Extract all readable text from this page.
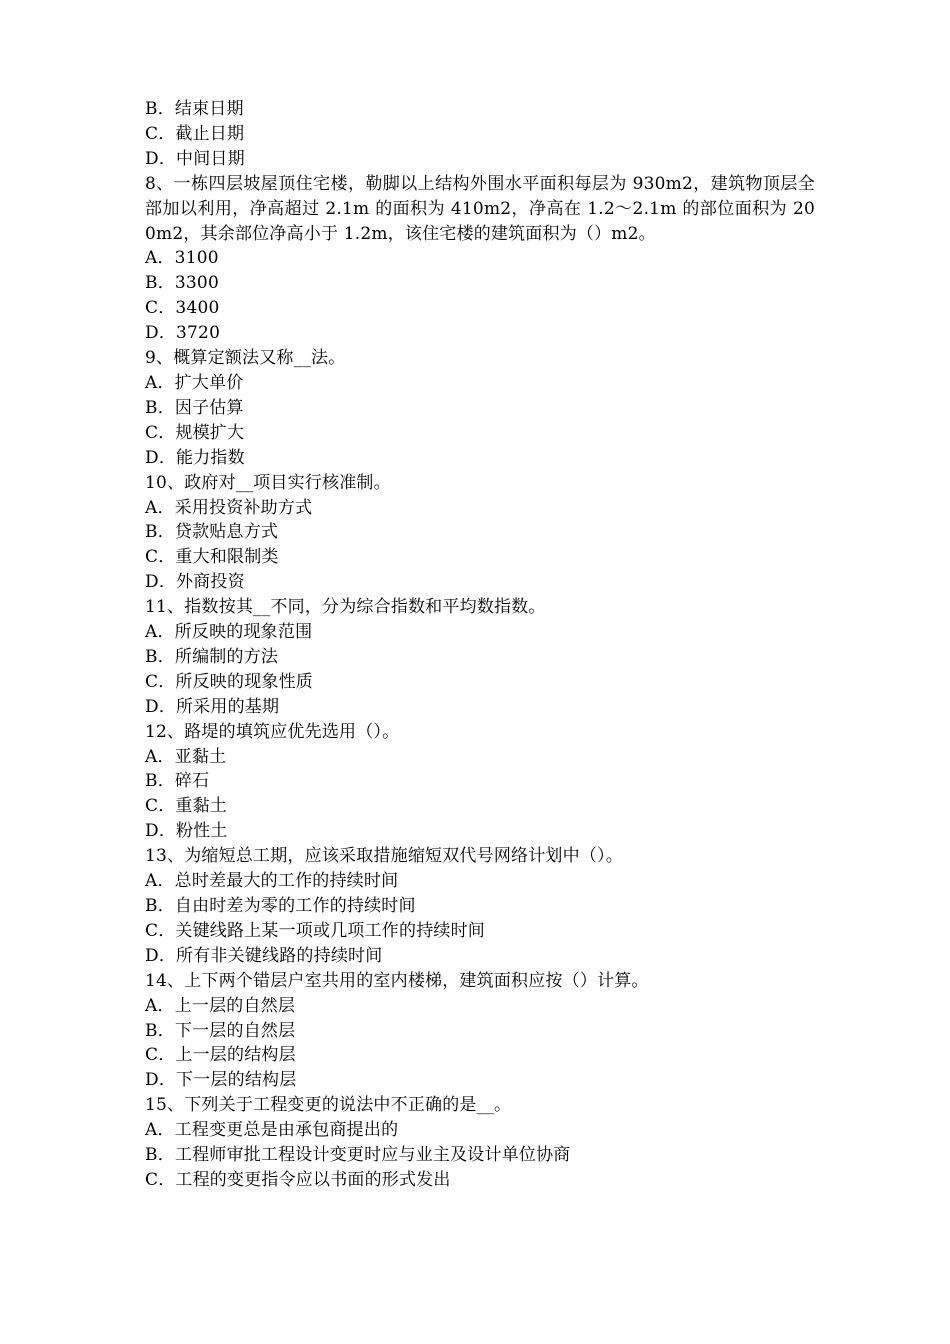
B．结束日期
C．截止日期
D．中间日期
8、一栋四层坡屋顶住宅楼，勒脚以上结构外围水平面积每层为 930m2，建筑物顶层全部加以利用，净高超过 2.1m 的面积为 410m2，净高在 1.2～2.1m 的部位面积为 200m2，其余部位净高小于 1.2m，该住宅楼的建筑面积为（）m2。
A．3100
B．3300
C．3400
D．3720
9、概算定额法又称__法。
A．扩大单价
B．因子估算
C．规模扩大
D．能力指数
10、政府对__项目实行核准制。
A．采用投资补助方式
B．贷款贴息方式
C．重大和限制类
D．外商投资
11、指数按其__不同，分为综合指数和平均数指数。
A．所反映的现象范围
B．所编制的方法
C．所反映的现象性质
D．所采用的基期
12、路堤的填筑应优先选用（）。
A．亚黏土
B．碎石
C．重黏土
D．粉性土
13、为缩短总工期，应该采取措施缩短双代号网络计划中（）。
A．总时差最大的工作的持续时间
B．自由时差为零的工作的持续时间
C．关键线路上某一项或几项工作的持续时间
D．所有非关键线路的持续时间
14、上下两个错层户室共用的室内楼梯，建筑面积应按（）计算。
A．上一层的自然层
B．下一层的自然层
C．上一层的结构层
D．下一层的结构层
15、下列关于工程变更的说法中不正确的是__。
A．工程变更总是由承包商提出的
B．工程师审批工程设计变更时应与业主及设计单位协商
C．工程的变更指令应以书面的形式发出
